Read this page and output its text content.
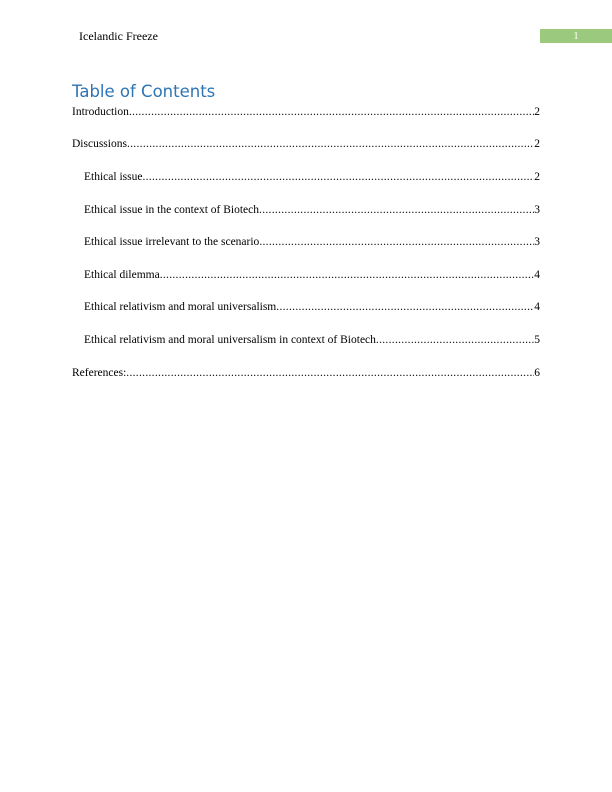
Icelandic Freeze	1
Table of Contents
Introduction .....	2
Discussions .....	2
Ethical issue .....	2
Ethical issue in the context of Biotech .....	3
Ethical issue irrelevant to the scenario .....	3
Ethical dilemma .....	4
Ethical relativism and moral universalism .....	4
Ethical relativism and moral universalism in context of Biotech .....	5
References: .....	6
